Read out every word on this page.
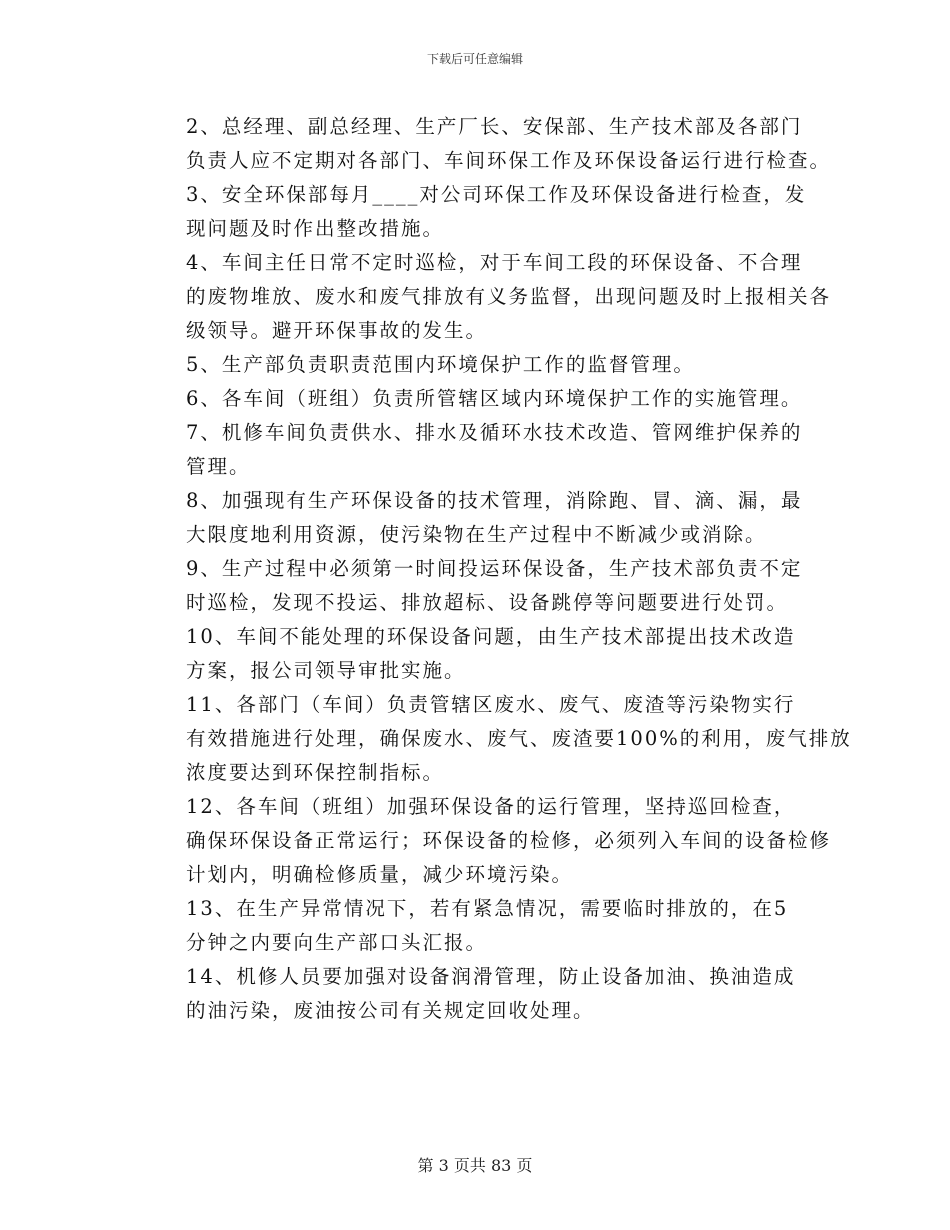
下载后可任意编辑

2、总经理、副总经理、生产厂长、安保部、生产技术部及各部门
负责人应不定期对各部门、车间环保工作及环保设备运行进行检查。

3、安全环保部每月____对公司环保工作及环保设备进行检查，发
现问题及时作出整改措施。

4、车间主任日常不定时巡检，对于车间工段的环保设备、不合理
的废物堆放、废水和废气排放有义务监督，出现问题及时上报相关各
级领导。避开环保事故的发生。

5、生产部负责职责范围内环境保护工作的监督管理。

6、各车间（班组）负责所管辖区域内环境保护工作的实施管理。

7、机修车间负责供水、排水及循环水技术改造、管网维护保养的
管理。

8、加强现有生产环保设备的技术管理，消除跑、冒、滴、漏，最
大限度地利用资源，使污染物在生产过程中不断减少或消除。

9、生产过程中必须第一时间投运环保设备，生产技术部负责不定
时巡检，发现不投运、排放超标、设备跳停等问题要进行处罚。

10、车间不能处理的环保设备问题，由生产技术部提出技术改造
方案，报公司领导审批实施。

11、各部门（车间）负责管辖区废水、废气、废渣等污染物实行
有效措施进行处理，确保废水、废气、废渣要100%的利用，废气排放
浓度要达到环保控制指标。

12、各车间（班组）加强环保设备的运行管理，坚持巡回检查，
确保环保设备正常运行；环保设备的检修，必须列入车间的设备检修
计划内，明确检修质量，减少环境污染。

13、在生产异常情况下，若有紧急情况，需要临时排放的，在5
分钟之内要向生产部口头汇报。

14、机修人员要加强对设备润滑管理，防止设备加油、换油造成
的油污染，废油按公司有关规定回收处理。

第 3 页共 83 页
